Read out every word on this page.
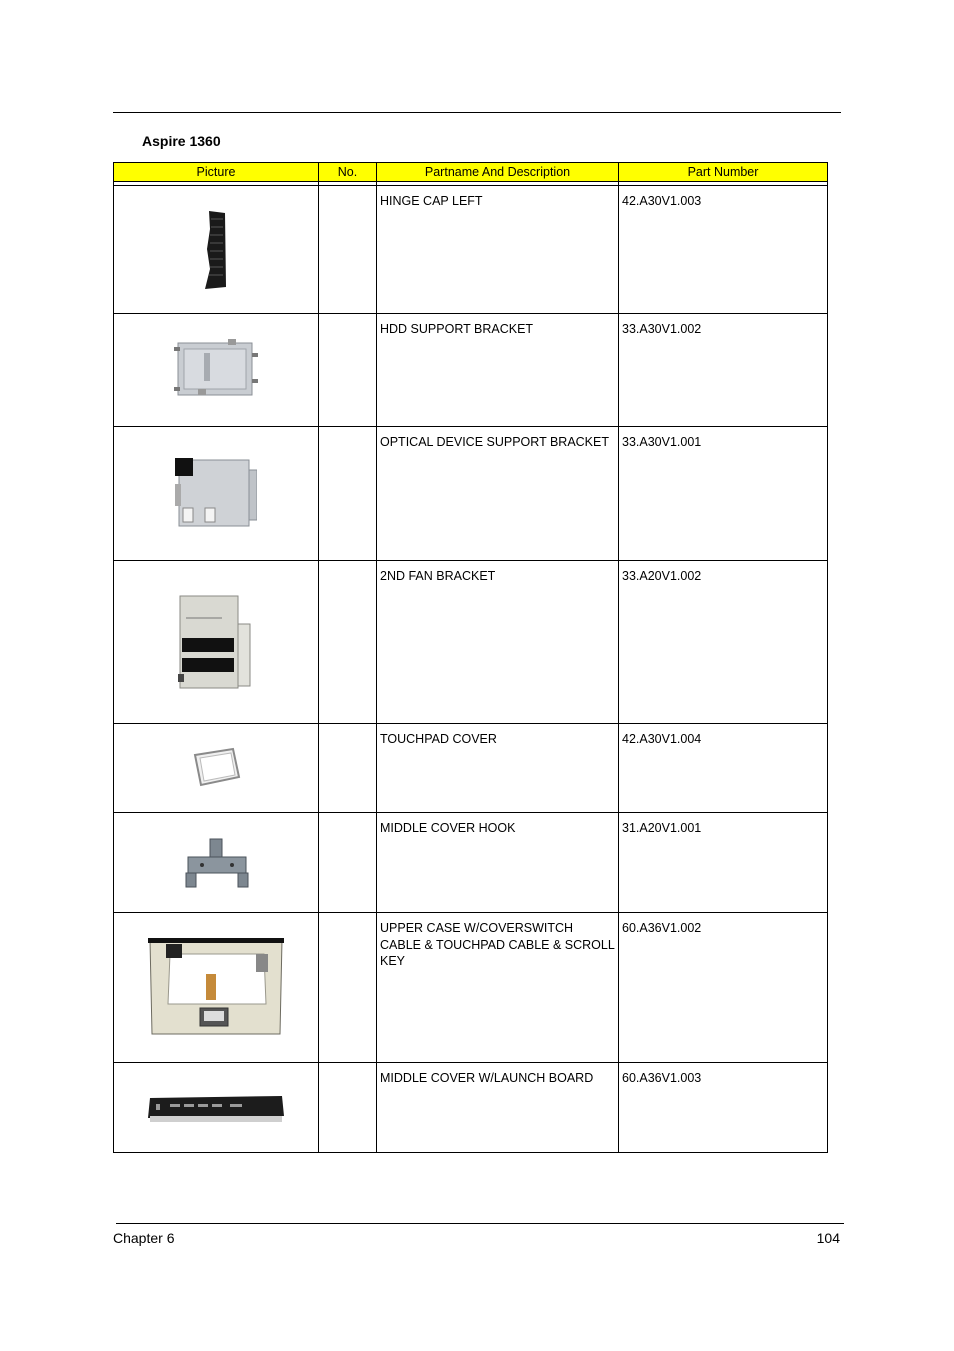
Aspire 1360
Picture	No.	Partname And Description	Part Number

		HINGE CAP LEFT	42.A30V1.003

		HDD SUPPORT BRACKET	33.A30V1.002

		OPTICAL DEVICE SUPPORT BRACKET	33.A30V1.001

		2ND FAN BRACKET	33.A20V1.002

		TOUCHPAD COVER	42.A30V1.004

		MIDDLE COVER HOOK	31.A20V1.001

		UPPER CASE W/COVERSWITCH CABLE & TOUCHPAD CABLE & SCROLL KEY	60.A36V1.002

		MIDDLE COVER W/LAUNCH BOARD	60.A36V1.003
Chapter 6	104
